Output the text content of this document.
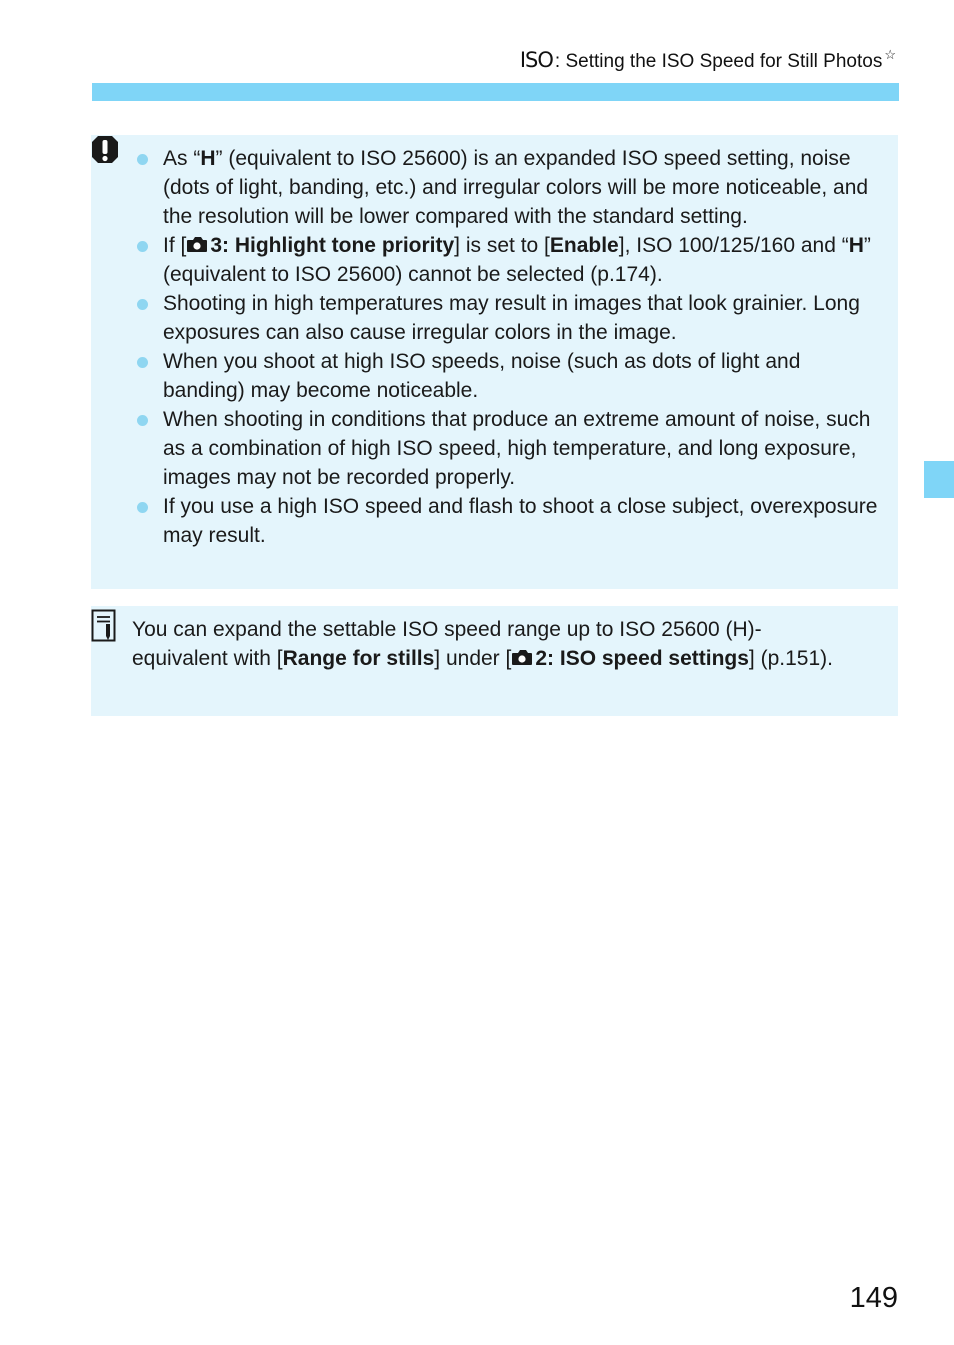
ISO : Setting the ISO Speed for Still Photos ☆
As “H” (equivalent to ISO 25600) is an expanded ISO speed setting, noise (dots of light, banding, etc.) and irregular colors will be more noticeable, and the resolution will be lower compared with the standard setting.
If [ 3: Highlight tone priority] is set to [Enable], ISO 100/125/160 and “H” (equivalent to ISO 25600) cannot be selected (p.174).
Shooting in high temperatures may result in images that look grainier. Long exposures can also cause irregular colors in the image.
When you shoot at high ISO speeds, noise (such as dots of light and banding) may become noticeable.
When shooting in conditions that produce an extreme amount of noise, such as a combination of high ISO speed, high temperature, and long exposure, images may not be recorded properly.
If you use a high ISO speed and flash to shoot a close subject, overexposure may result.
You can expand the settable ISO speed range up to ISO 25600 (H)-equivalent with [Range for stills] under [ 2: ISO speed settings] (p.151).
149
